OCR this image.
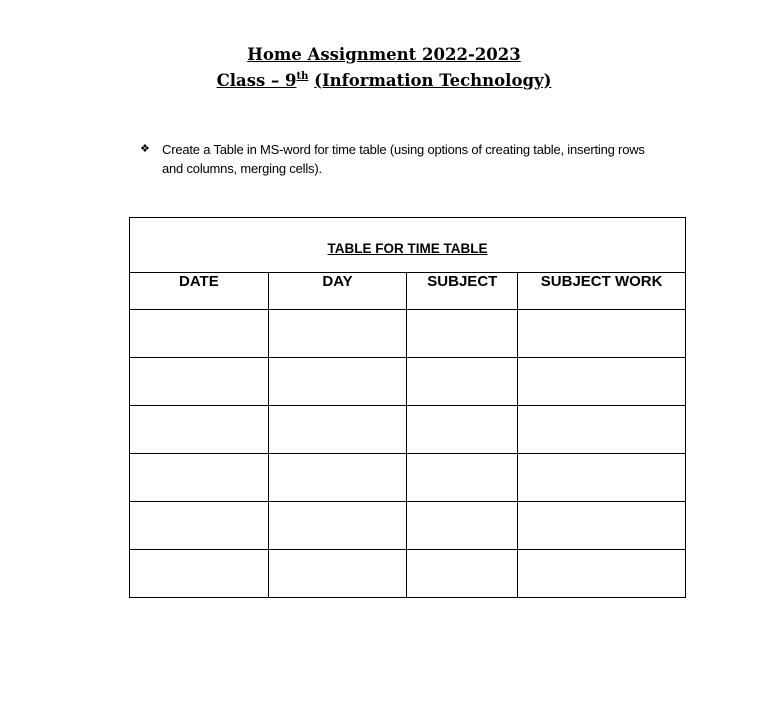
Home Assignment 2022-2023
Class – 9th (Information Technology)
❖ Create a Table in MS-word for time table (using options of creating table, inserting rows and columns, merging cells).
TABLE FOR TIME TABLE			
DATE	DAY	SUBJECT	SUBJECT WORK
